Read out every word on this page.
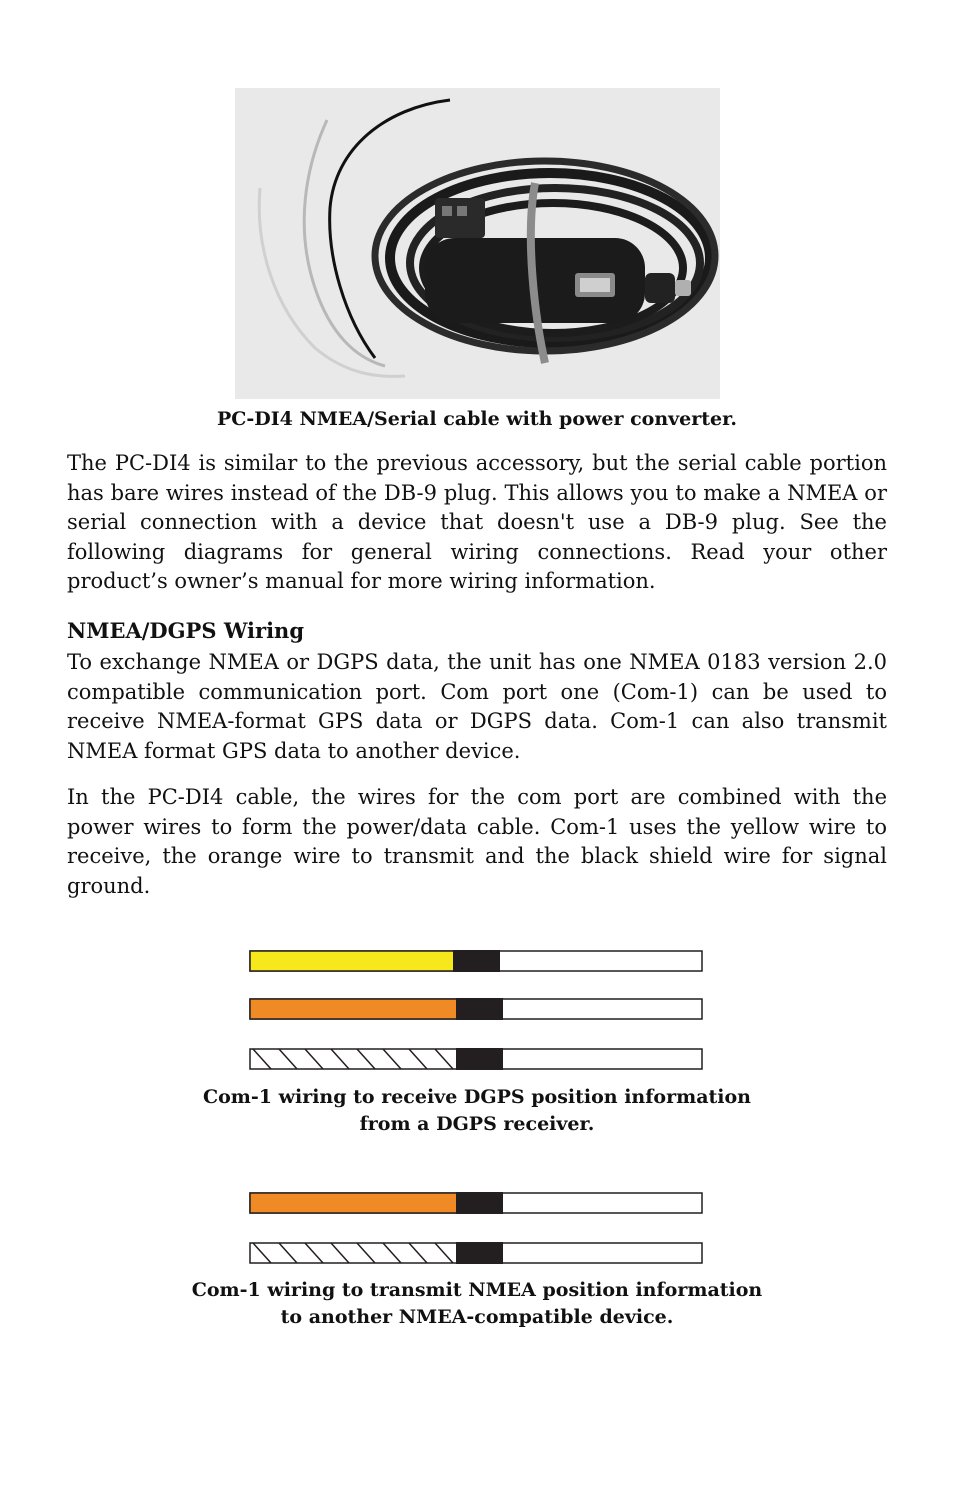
PC-DI4 NMEA/Serial cable with power converter.

The PC-DI4 is similar to the previous accessory, but the serial cable portion has bare wires instead of the DB-9 plug. This allows you to make a NMEA or serial connection with a device that doesn't use a DB-9 plug. See the following diagrams for general wiring connections. Read your other product’s owner’s manual for more wiring information.

NMEA/DGPS Wiring

To exchange NMEA or DGPS data, the unit has one NMEA 0183 version 2.0 compatible communication port. Com port one (Com-1) can be used to receive NMEA-format GPS data or DGPS data. Com-1 can also transmit NMEA format GPS data to another device.

In the PC-DI4 cable, the wires for the com port are combined with the power wires to form the power/data cable. Com-1 uses the yellow wire to receive, the orange wire to transmit and the black shield wire for signal ground.

Com-1 wiring to receive DGPS position information
from a DGPS receiver.
Com-1 wiring to transmit NMEA position information
to another NMEA-compatible device.
